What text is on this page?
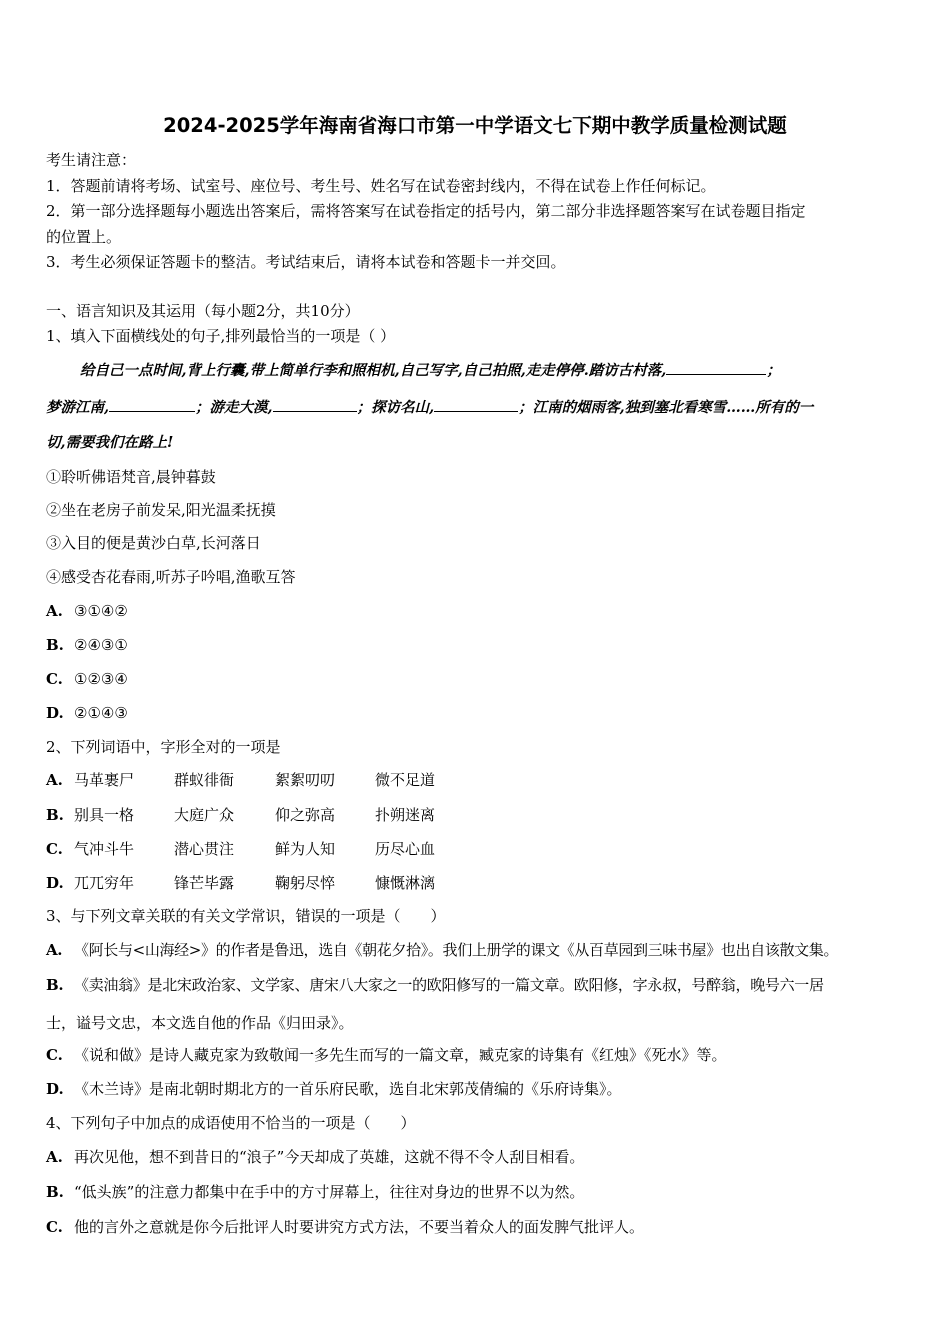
2024-2025学年海南省海口市第一中学语文七下期中教学质量检测试题
考生请注意：
1．答题前请将考场、试室号、座位号、考生号、姓名写在试卷密封线内，不得在试卷上作任何标记。
2．第一部分选择题每小题选出答案后，需将答案写在试卷指定的括号内，第二部分非选择题答案写在试卷题目指定
的位置上。
3．考生必须保证答题卡的整洁。考试结束后，请将本试卷和答题卡一并交回。
一、语言知识及其运用（每小题2分，共10分）
1、填入下面横线处的句子,排列最恰当的一项是（ ）
给自己一点时间,背上行囊,带上简单行李和照相机,自己写字,自己拍照,走走停停.踏访古村落,	；
梦游江南,	；游走大漠,	；探访名山,	；江南的烟雨客,独到塞北看寒雪……所有的一
切,需要我们在路上!
①聆听佛语梵音,晨钟暮鼓
②坐在老房子前发呆,阳光温柔抚摸
③入目的便是黄沙白草,长河落日
④感受杏花春雨,听苏子吟唱,渔歌互答
A. ③①④②
B. ②④③①
C. ①②③④
D. ②①④③
2、下列词语中，字形全对的一项是
A. 马革裹尸	群蚁徘衙	絮絮叨叨	微不足道
B. 别具一格	大庭广众	仰之弥高	扑朔迷离
C. 气冲斗牛	潜心贯注	鲜为人知	历尽心血
D. 兀兀穷年	锋芒毕露	鞠躬尽悴	慷慨淋漓
3、与下列文章关联的有关文学常识，错误的一项是（　　）
A. 《阿长与<山海经>》的作者是鲁迅，选自《朝花夕拾》。我们上册学的课文《从百草园到三味书屋》也出自该散文集。
B. 《卖油翁》是北宋政治家、文学家、唐宋八大家之一的欧阳修写的一篇文章。欧阳修，字永叔，号醉翁，晚号六一居
士，谥号文忠，本文选自他的作品《归田录》。
C. 《说和做》是诗人藏克家为致敬闻一多先生而写的一篇文章，臧克家的诗集有《红烛》《死水》等。
D. 《木兰诗》是南北朝时期北方的一首乐府民歌，选自北宋郭茂倩编的《乐府诗集》。
4、下列句子中加点的成语使用不恰当的一项是（　　）
A. 再次见他，想不到昔日的“浪子”今天却成了英雄，这就不得不令人刮目相看。
B. “低头族”的注意力都集中在手中的方寸屏幕上，往往对身边的世界不以为然。
C. 他的言外之意就是你今后批评人时要讲究方式方法，不要当着众人的面发脾气批评人。
